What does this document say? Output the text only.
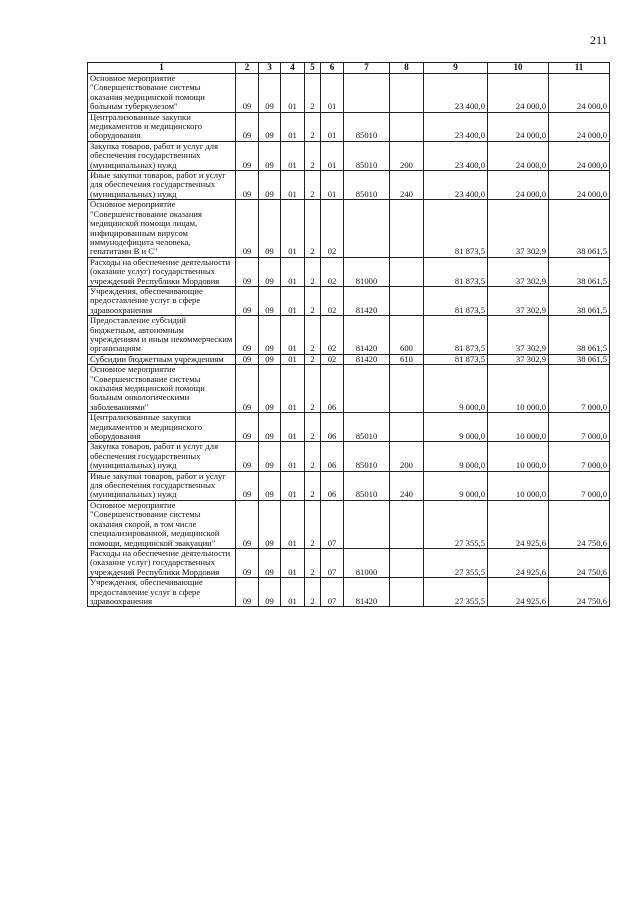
211
1	2	3	4	5	6	7	8	9	10	11
Основное мероприятие "Совершенствование системы оказания медицинской помощи больным туберкулезом"	09	09	01	2	01			23 400,0	24 000,0	24 000,0
Централизованные закупки медикаментов и медицинского оборудования	09	09	01	2	01	85010		23 400,0	24 000,0	24 000,0
Закупка товаров, работ и услуг для обеспечения государственных (муниципальных) нужд	09	09	01	2	01	85010	200	23 400,0	24 000,0	24 000,0
Иные закупки товаров, работ и услуг для обеспечения государственных (муниципальных) нужд	09	09	01	2	01	85010	240	23 400,0	24 000,0	24 000,0
Основное мероприятие "Совершенствование оказания медицинской помощи лицам, инфицированным вирусом иммунодефицита человека, гепатитами В и С"	09	09	01	2	02			81 873,5	37 302,9	38 061,5
Расходы на обеспечение деятельности (оказание услуг) государственных учреждений Республики Мордовия	09	09	01	2	02	81000		81 873,5	37 302,9	38 061,5
Учреждения, обеспечивающие предоставление услуг в сфере здравоохранения	09	09	01	2	02	81420		81 873,5	37 302,9	38 061,5
Предоставление субсидий бюджетным, автономным учреждениям и иным некоммерческим организациям	09	09	01	2	02	81420	600	81 873,5	37 302,9	38 061,5
Субсидии бюджетным учреждениям	09	09	01	2	02	81420	610	81 873,5	37 302,9	38 061,5
Основное мероприятие "Совершенствование системы оказания медицинской помощи больным онкологическими заболеваниями"	09	09	01	2	06			9 000,0	10 000,0	7 000,0
Централизованные закупки медикаментов и медицинского оборудования	09	09	01	2	06	85010		9 000,0	10 000,0	7 000,0
Закупка товаров, работ и услуг для обеспечения государственных (муниципальных) нужд	09	09	01	2	06	85010	200	9 000,0	10 000,0	7 000,0
Иные закупки товаров, работ и услуг для обеспечения государственных (муниципальных) нужд	09	09	01	2	06	85010	240	9 000,0	10 000,0	7 000,0
Основное мероприятие "Совершенствование системы оказания скорой, в том числе специализированной, медицинской помощи, медицинской эвакуации"	09	09	01	2	07			27 355,5	24 925,6	24 750,6
Расходы на обеспечение деятельности (оказание услуг) государственных учреждений Республики Мордовия	09	09	01	2	07	81000		27 355,5	24 925,6	24 750,6
Учреждения, обеспечивающие предоставление услуг в сфере здравоохранения	09	09	01	2	07	81420		27 355,5	24 925,6	24 750,6
